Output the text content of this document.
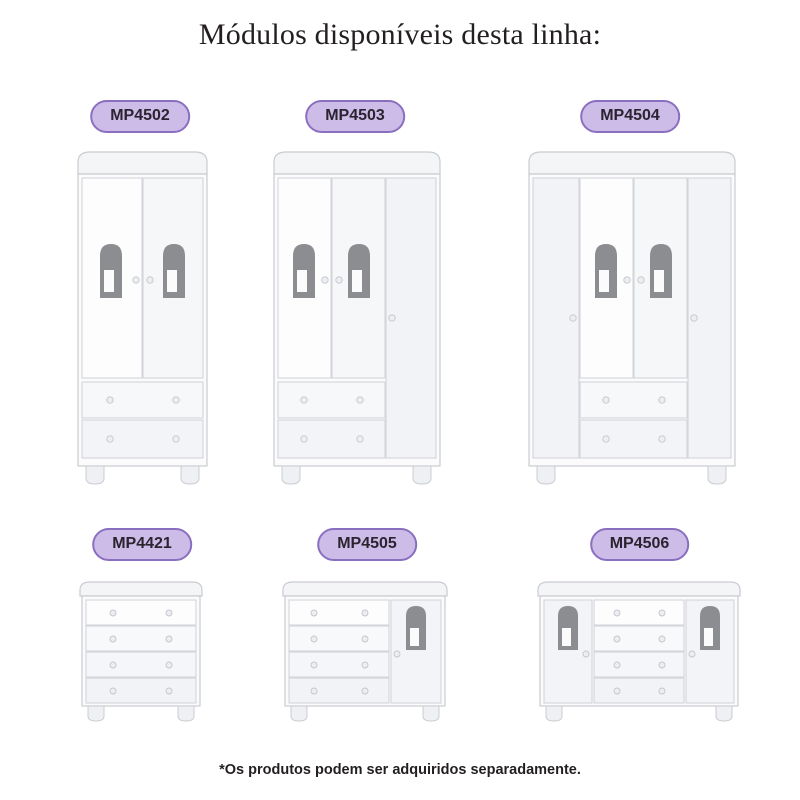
Módulos disponíveis desta linha:
MP4502	MP4503	MP4504
MP4421	MP4505	MP4506
*Os produtos podem ser adquiridos separadamente.
